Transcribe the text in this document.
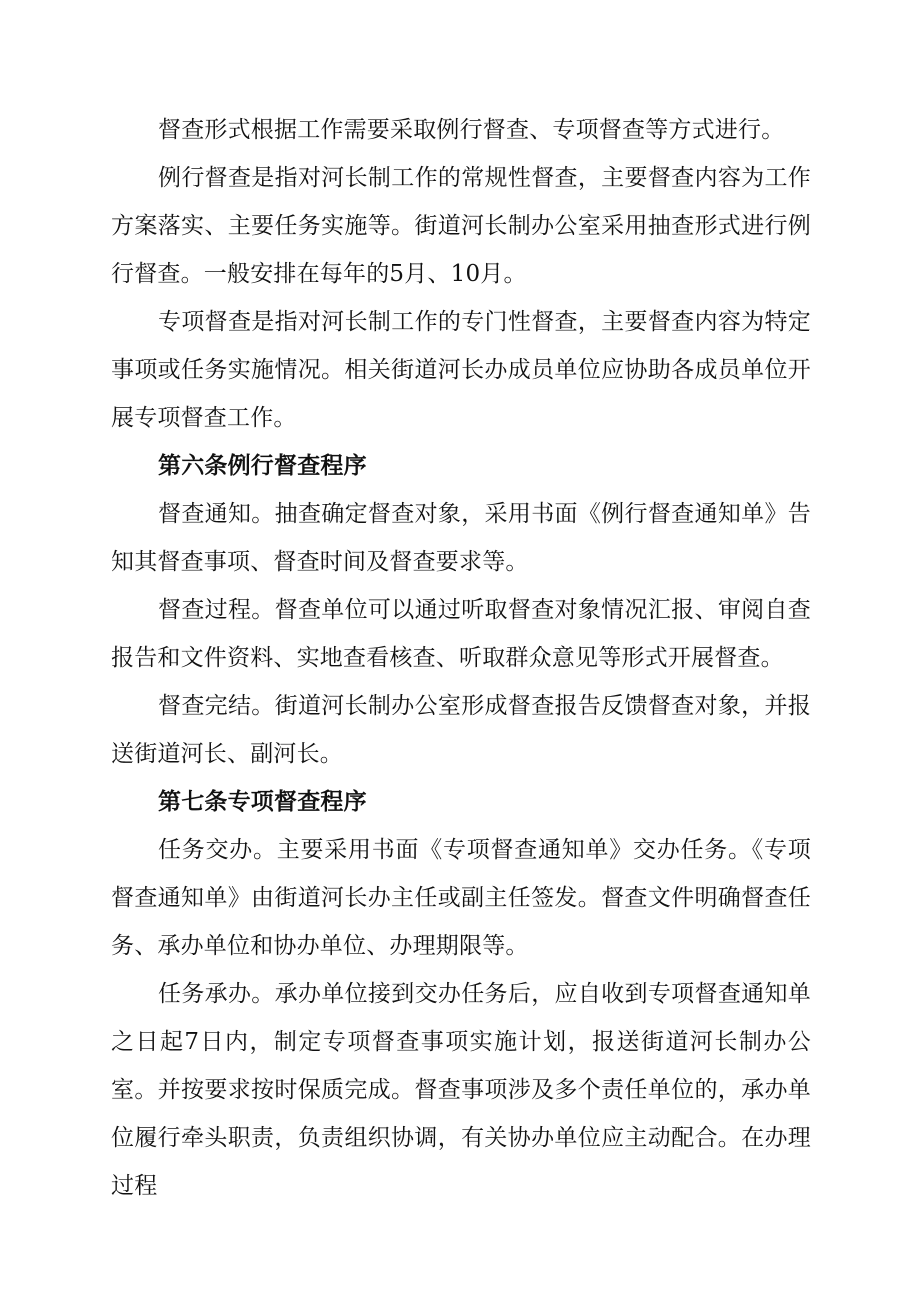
督查形式根据工作需要采取例行督查、专项督查等方式进行。

例行督查是指对河长制工作的常规性督查，主要督查内容为工作方案落实、主要任务实施等。街道河长制办公室采用抽查形式进行例行督查。一般安排在每年的5月、10月。

专项督查是指对河长制工作的专门性督查，主要督查内容为特定事项或任务实施情况。相关街道河长办成员单位应协助各成员单位开展专项督查工作。

第六条例行督查程序

督查通知。抽查确定督查对象，采用书面《例行督查通知单》告知其督查事项、督查时间及督查要求等。

督查过程。督查单位可以通过听取督查对象情况汇报、审阅自查报告和文件资料、实地查看核查、听取群众意见等形式开展督查。

督查完结。街道河长制办公室形成督查报告反馈督查对象，并报送街道河长、副河长。

第七条专项督查程序

任务交办。主要采用书面《专项督查通知单》交办任务。《专项督查通知单》由街道河长办主任或副主任签发。督查文件明确督查任务、承办单位和协办单位、办理期限等。

任务承办。承办单位接到交办任务后，应自收到专项督查通知单之日起7日内，制定专项督查事项实施计划，报送街道河长制办公室。并按要求按时保质完成。督查事项涉及多个责任单位的，承办单位履行牵头职责，负责组织协调，有关协办单位应主动配合。在办理过程
